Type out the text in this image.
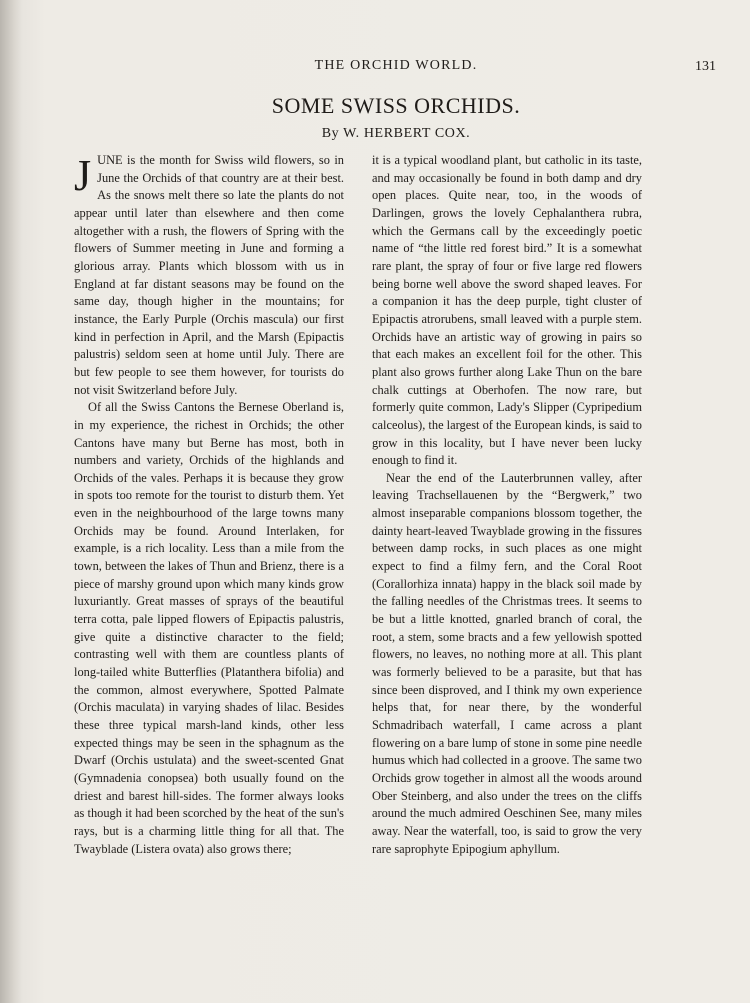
THE ORCHID WORLD.	131
SOME SWISS ORCHIDS.
By W. HERBERT COX.

JUNE is the month for Swiss wild flowers, so in June the Orchids of that country are at their best. As the snows melt there so late the plants do not appear until later than elsewhere and then come altogether with a rush, the flowers of Spring with the flowers of Summer meeting in June and forming a glorious array. Plants which blossom with us in England at far distant seasons may be found on the same day, though higher in the mountains; for instance, the Early Purple (Orchis mascula) our first kind in perfection in April, and the Marsh (Epipactis palustris) seldom seen at home until July. There are but few people to see them however, for tourists do not visit Switzerland before July.

Of all the Swiss Cantons the Bernese Oberland is, in my experience, the richest in Orchids; the other Cantons have many but Berne has most, both in numbers and variety, Orchids of the highlands and Orchids of the vales. Perhaps it is because they grow in spots too remote for the tourist to disturb them. Yet even in the neighbourhood of the large towns many Orchids may be found. Around Interlaken, for example, is a rich locality. Less than a mile from the town, between the lakes of Thun and Brienz, there is a piece of marshy ground upon which many kinds grow luxuriantly. Great masses of sprays of the beautiful terra cotta, pale lipped flowers of Epipactis palustris, give quite a distinctive character to the field; contrasting well with them are countless plants of long-tailed white Butterflies (Platanthera bifolia) and the common, almost everywhere, Spotted Palmate (Orchis maculata) in varying shades of lilac. Besides these three typical marsh-land kinds, other less expected things may be seen in the sphagnum as the Dwarf (Orchis ustulata) and the sweet-scented Gnat (Gymnadenia conopsea) both usually found on the driest and barest hill-sides. The former always looks as though it had been scorched by the heat of the sun's rays, but is a charming little thing for all that. The Twayblade (Listera ovata) also grows there;

it is a typical woodland plant, but catholic in its taste, and may occasionally be found in both damp and dry open places. Quite near, too, in the woods of Darlingen, grows the lovely Cephalanthera rubra, which the Germans call by the exceedingly poetic name of “the little red forest bird.” It is a somewhat rare plant, the spray of four or five large red flowers being borne well above the sword shaped leaves. For a companion it has the deep purple, tight cluster of Epipactis atrorubens, small leaved with a purple stem. Orchids have an artistic way of growing in pairs so that each makes an excellent foil for the other. This plant also grows further along Lake Thun on the bare chalk cuttings at Oberhofen. The now rare, but formerly quite common, Lady's Slipper (Cypripedium calceolus), the largest of the European kinds, is said to grow in this locality, but I have never been lucky enough to find it.

Near the end of the Lauterbrunnen valley, after leaving Trachsellauenen by the “Bergwerk,” two almost inseparable companions blossom together, the dainty heart-leaved Twayblade growing in the fissures between damp rocks, in such places as one might expect to find a filmy fern, and the Coral Root (Corallorhiza innata) happy in the black soil made by the falling needles of the Christmas trees. It seems to be but a little knotted, gnarled branch of coral, the root, a stem, some bracts and a few yellowish spotted flowers, no leaves, no nothing more at all. This plant was formerly believed to be a parasite, but that has since been disproved, and I think my own experience helps that, for near there, by the wonderful Schmadribach waterfall, I came across a plant flowering on a bare lump of stone in some pine needle humus which had collected in a groove. The same two Orchids grow together in almost all the woods around Ober Steinberg, and also under the trees on the cliffs around the much admired Oeschinen See, many miles away. Near the waterfall, too, is said to grow the very rare saprophyte Epipogium aphyllum.
